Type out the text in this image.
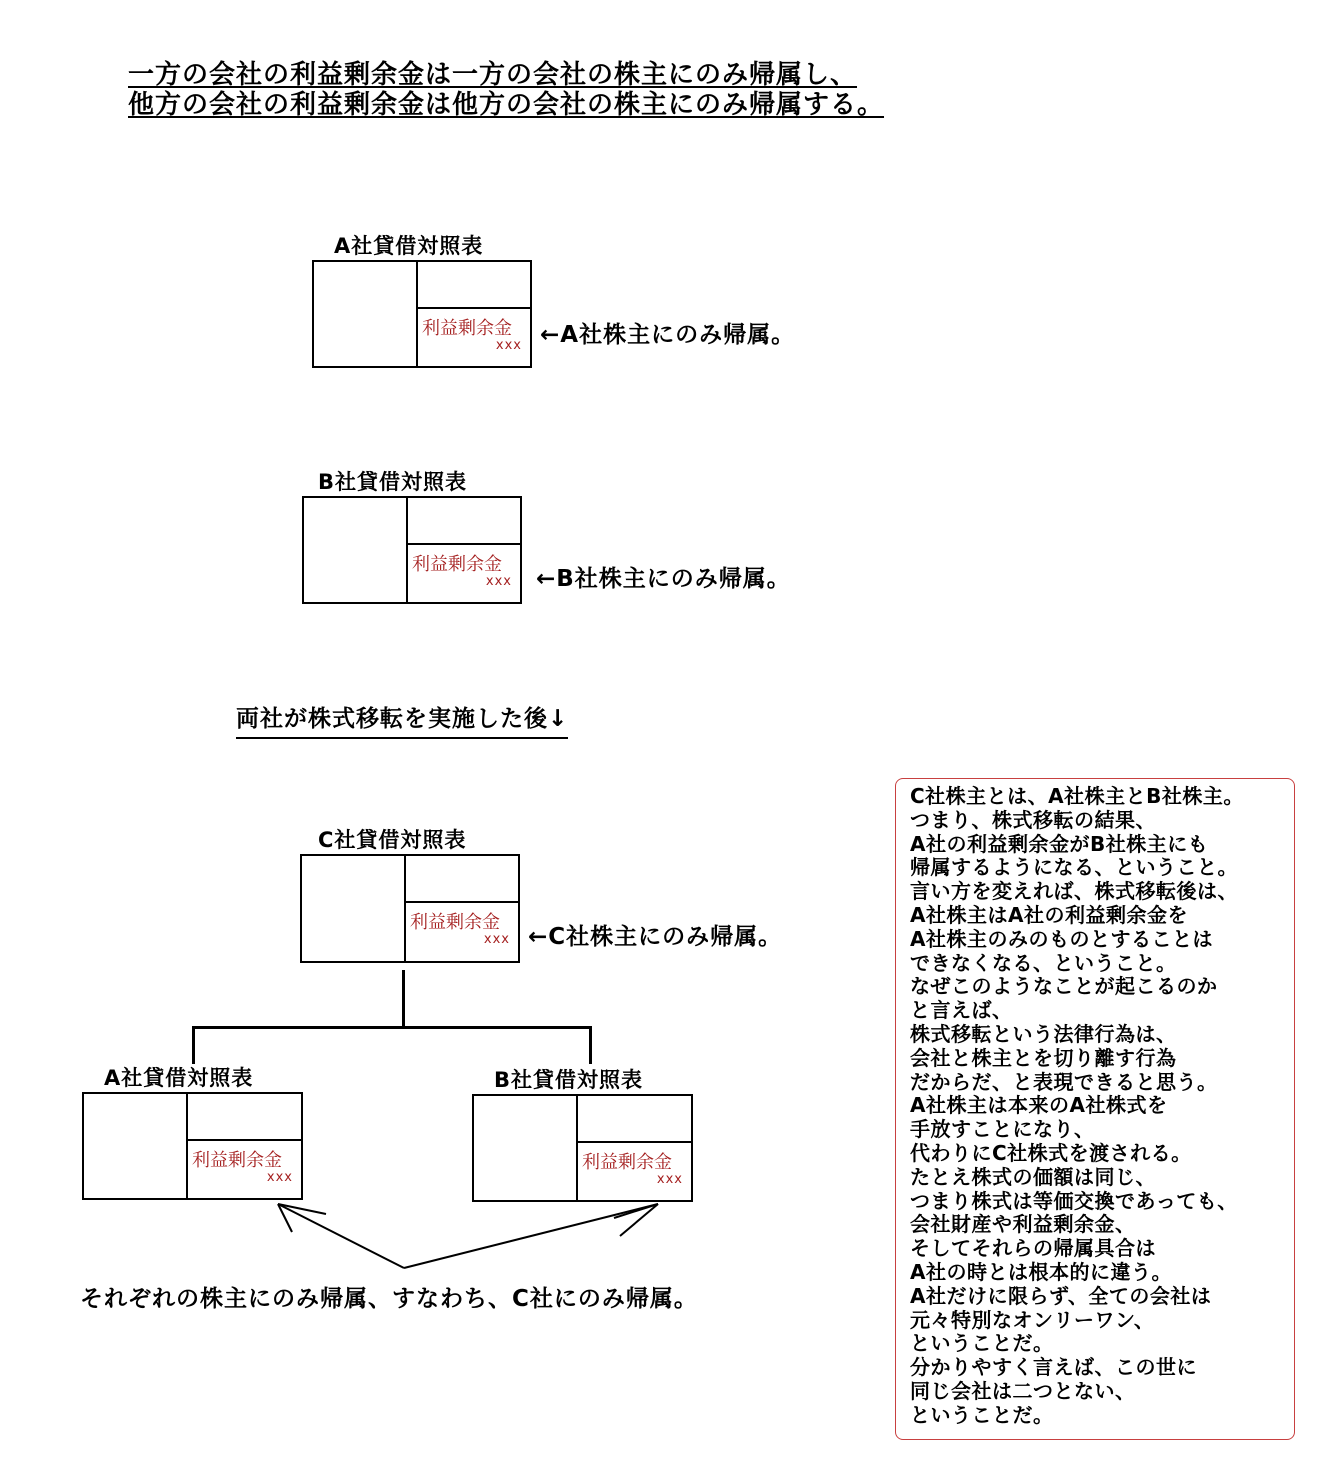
一方の会社の利益剰余金は一方の会社の株主にのみ帰属し、
他方の会社の利益剰余金は他方の会社の株主にのみ帰属する。
A社貸借対照表
利益剰余金
xxx ←A社株主にのみ帰属。
B社貸借対照表
利益剰余金
xxx ←B社株主にのみ帰属。
両社が株式移転を実施した後↓
C社貸借対照表
利益剰余金
xxx ←C社株主にのみ帰属。
A社貸借対照表
利益剰余金
xxx
B社貸借対照表
利益剰余金
xxx
それぞれの株主にのみ帰属、すなわち、C社にのみ帰属。
C社株主とは、A社株主とB社株主。
つまり、株式移転の結果、
A社の利益剰余金がB社株主にも
帰属するようになる、ということ。
言い方を変えれば、株式移転後は、
A社株主はA社の利益剰余金を
A社株主のみのものとすることは
できなくなる、ということ。
なぜこのようなことが起こるのか
と言えば、
株式移転という法律行為は、
会社と株主とを切り離す行為
だからだ、と表現できると思う。
A社株主は本来のA社株式を
手放すことになり、
代わりにC社株式を渡される。
たとえ株式の価額は同じ、
つまり株式は等価交換であっても、
会社財産や利益剰余金、
そしてそれらの帰属具合は
A社の時とは根本的に違う。
A社だけに限らず、全ての会社は
元々特別なオンリーワン、
ということだ。
分かりやすく言えば、この世に
同じ会社は二つとない、
ということだ。
